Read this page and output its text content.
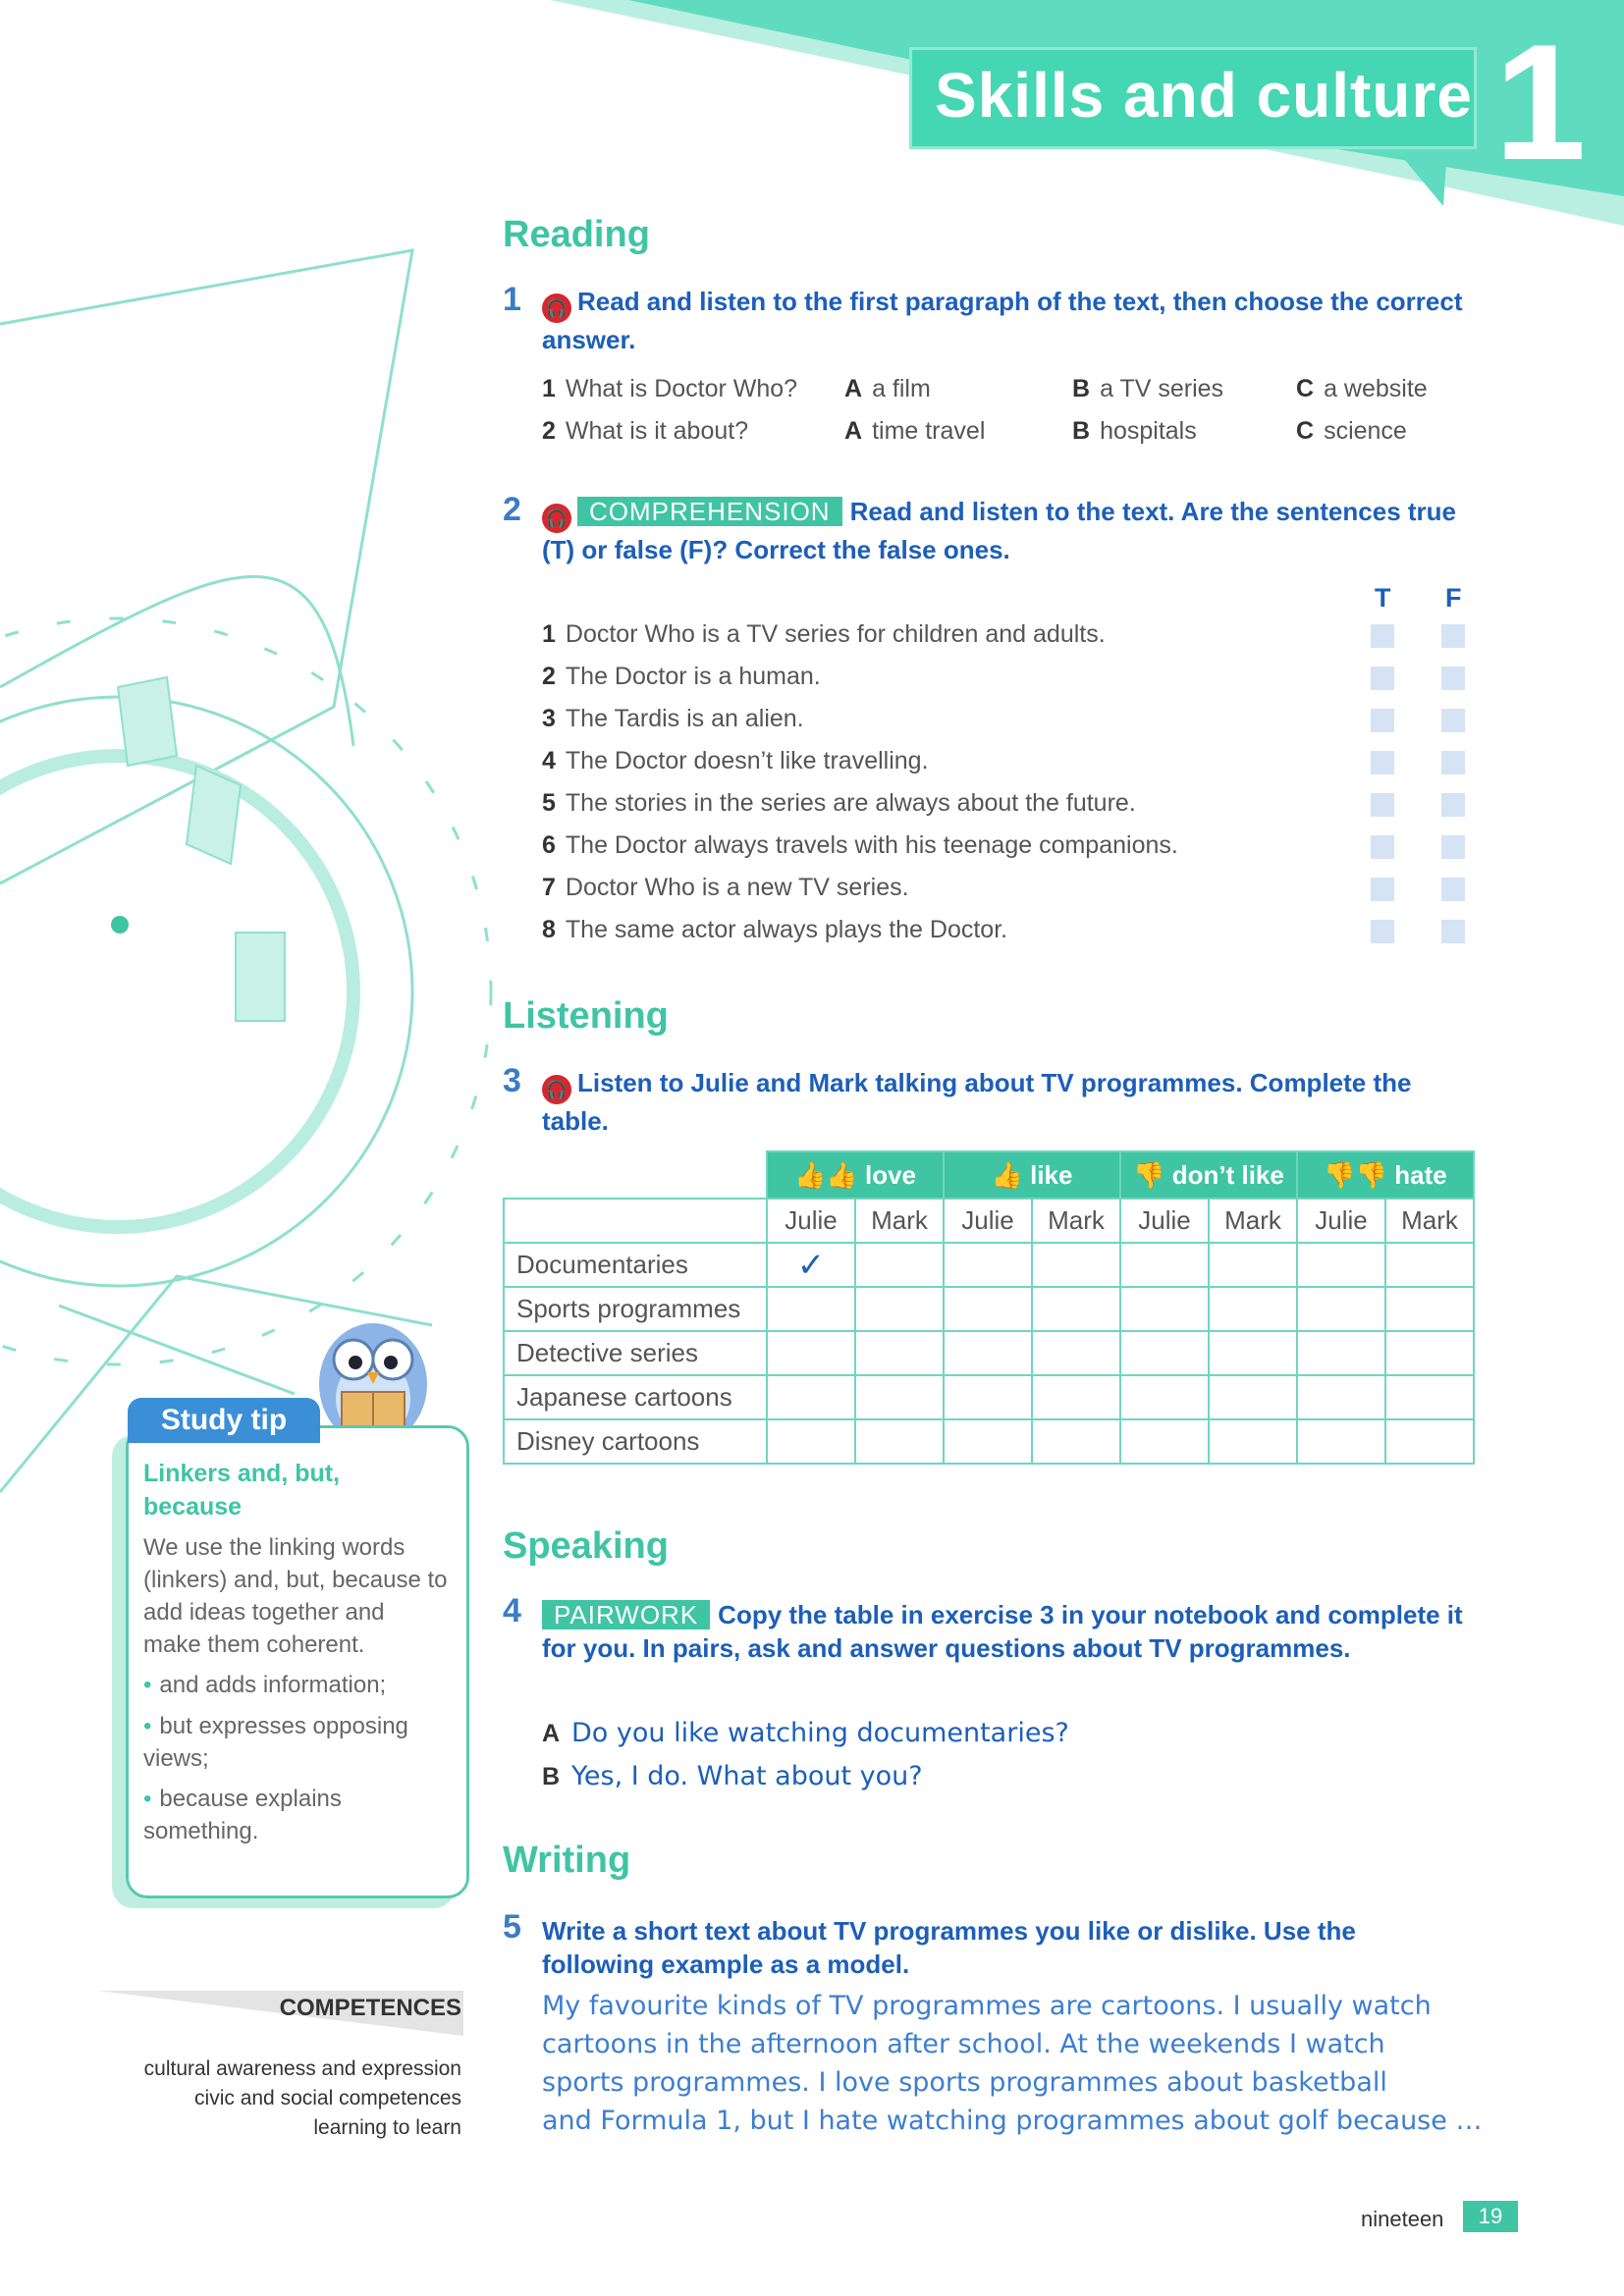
Skills and culture 1
Reading
1 🎧 Read and listen to the first paragraph of the text, then choose the correct answer.
1 What is Doctor Who? A a film	B a TV series	C a website
2 What is it about?	A time travel	B hospitals	C science
2 🎧 COMPREHENSION Read and listen to the text. Are the sentences true (T) or false (F)? Correct the false ones.
T F
1 Doctor Who is a TV series for children and adults.
2 The Doctor is a human.
3 The Tardis is an alien.
4 The Doctor doesn’t like travelling.
5 The stories in the series are always about the future.
6 The Doctor always travels with his teenage companions.
7 Doctor Who is a new TV series.
8 The same actor always plays the Doctor.
Listening
3 🎧 Listen to Julie and Mark talking about TV programmes. Complete the table.
	👍👍 love		👍 like		👎 don’t like		👎👎 hate	
	Julie	Mark	Julie	Mark	Julie	Mark	Julie	Mark
Documentaries	✓							
Sports programmes								
Detective series								
Japanese cartoons								
Disney cartoons								
Study tip
Linkers and, but, because
We use the linking words (linkers) and, but, because to add ideas together and make them coherent.
• and adds information;
• but expresses opposing views;
• because explains something.
COMPETENCES
cultural awareness and expression
civic and social competences
learning to learn
Speaking
4	PAIRWORK Copy the table in exercise 3 in your notebook and complete it for you. In pairs, ask and answer questions about TV programmes.
A Do you like watching documentaries?
B Yes, I do. What about you?
Writing
5 Write a short text about TV programmes you like or dislike. Use the following example as a model.
My favourite kinds of TV programmes are cartoons. I usually watch
cartoons in the afternoon after school. At the weekends I watch
sports programmes. I love sports programmes about basketball
and Formula 1, but I hate watching programmes about golf because …
nineteen	19
